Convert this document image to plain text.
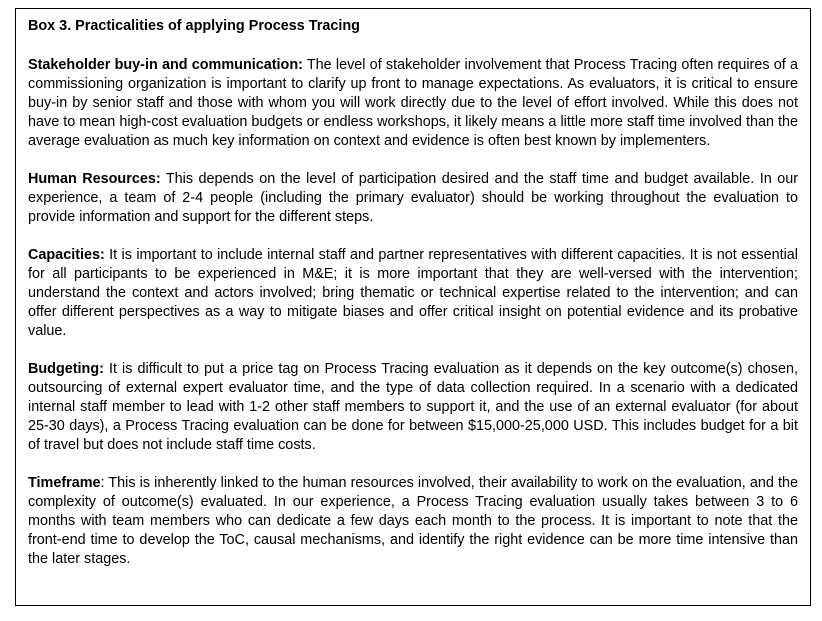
Box 3. Practicalities of applying Process Tracing

Stakeholder buy-in and communication: The level of stakeholder involvement that Process Tracing often requires of a commissioning organization is important to clarify up front to manage expectations. As evaluators, it is critical to ensure buy-in by senior staff and those with whom you will work directly due to the level of effort involved. While this does not have to mean high-cost evaluation budgets or endless workshops, it likely means a little more staff time involved than the average evaluation as much key information on context and evidence is often best known by implementers.

Human Resources: This depends on the level of participation desired and the staff time and budget available. In our experience, a team of 2-4 people (including the primary evaluator) should be working throughout the evaluation to provide information and support for the different steps.

Capacities: It is important to include internal staff and partner representatives with different capacities. It is not essential for all participants to be experienced in M&E; it is more important that they are well-versed with the intervention; understand the context and actors involved; bring thematic or technical expertise related to the intervention; and can offer different perspectives as a way to mitigate biases and offer critical insight on potential evidence and its probative value.

Budgeting: It is difficult to put a price tag on Process Tracing evaluation as it depends on the key outcome(s) chosen, outsourcing of external expert evaluator time, and the type of data collection required. In a scenario with a dedicated internal staff member to lead with 1-2 other staff members to support it, and the use of an external evaluator (for about 25-30 days), a Process Tracing evaluation can be done for between $15,000-25,000 USD. This includes budget for a bit of travel but does not include staff time costs.

Timeframe: This is inherently linked to the human resources involved, their availability to work on the evaluation, and the complexity of outcome(s) evaluated. In our experience, a Process Tracing evaluation usually takes between 3 to 6 months with team members who can dedicate a few days each month to the process. It is important to note that the front-end time to develop the ToC, causal mechanisms, and identify the right evidence can be more time intensive than the later stages.
